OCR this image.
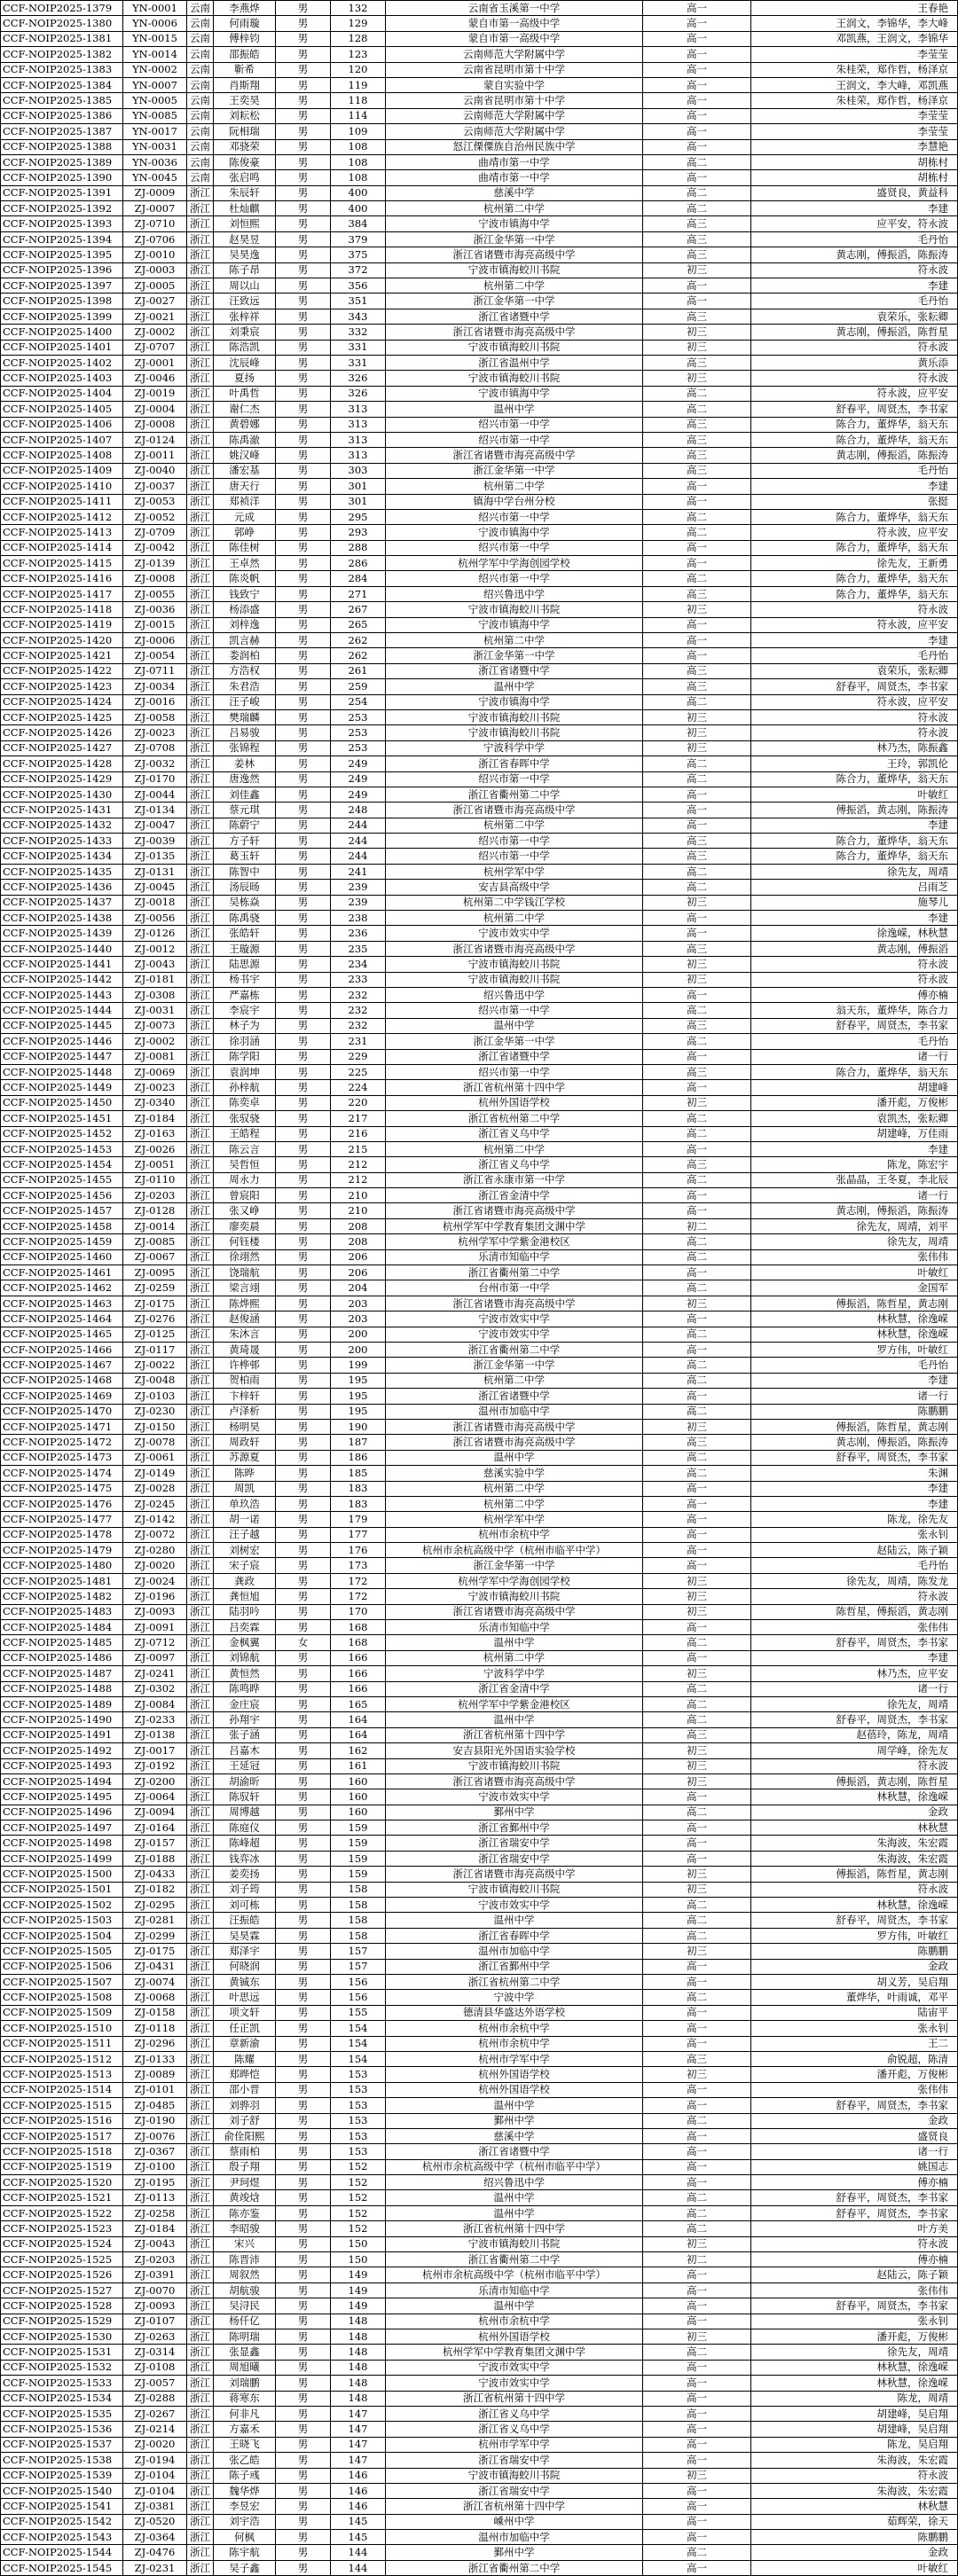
CCF-NOIP2025-1379	YN-0001	云南	李燕烨	男	132	云南省玉溪第一中学	高一	王春艳
CCF-NOIP2025-1380	YN-0006	云南	何雨璇	男	129	蒙自市第一高级中学	高一	王润文，李锦华，李大峰
CCF-NOIP2025-1381	YN-0015	云南	傅梓钧	男	128	蒙自市第一高级中学	高一	邓凯燕，王润文，李锦华
CCF-NOIP2025-1382	YN-0014	云南	邵振皓	男	123	云南师范大学附属中学	高一	李莹莹
CCF-NOIP2025-1383	YN-0002	云南	靳希	男	120	云南省昆明市第十中学	高一	朱桂荣，郑作哲，杨泽京
CCF-NOIP2025-1384	YN-0007	云南	肖斯翔	男	119	蒙自实验中学	高一	王润文，李大峰，邓凯燕
CCF-NOIP2025-1385	YN-0005	云南	王奕昊	男	118	云南省昆明市第十中学	高一	朱桂荣，郑作哲，杨泽京
CCF-NOIP2025-1386	YN-0085	云南	刘耘松	男	114	云南师范大学附属中学	高一	李莹莹
CCF-NOIP2025-1387	YN-0017	云南	阮相瑞	男	109	云南师范大学附属中学	高一	李莹莹
CCF-NOIP2025-1388	YN-0031	云南	邓骁荣	男	108	怒江傈僳族自治州民族中学	高一	李慧艳
CCF-NOIP2025-1389	YN-0036	云南	陈俊豪	男	108	曲靖市第一中学	高二	胡栋村
CCF-NOIP2025-1390	YN-0045	云南	张启鸣	男	108	曲靖市第一中学	高一	胡栋村
CCF-NOIP2025-1391	ZJ-0009	浙江	朱辰轩	男	400	慈溪中学	高二	盛贤良，黄益科
CCF-NOIP2025-1392	ZJ-0007	浙江	杜灿麒	男	400	杭州第二中学	高二	李建
CCF-NOIP2025-1393	ZJ-0710	浙江	刘恒熙	男	384	宁波市镇海中学	高三	应平安，符永波
CCF-NOIP2025-1394	ZJ-0706	浙江	赵昊昱	男	379	浙江金华第一中学	高三	毛丹怡
CCF-NOIP2025-1395	ZJ-0010	浙江	吴昊逸	男	375	浙江省诸暨市海亮高级中学	高三	黄志刚，傅振滔，陈振涛
CCF-NOIP2025-1396	ZJ-0003	浙江	陈子昂	男	372	宁波市镇海蛟川书院	初三	符永波
CCF-NOIP2025-1397	ZJ-0005	浙江	周以山	男	356	杭州第二中学	高一	李建
CCF-NOIP2025-1398	ZJ-0027	浙江	汪致远	男	351	浙江金华第一中学	高一	毛丹怡
CCF-NOIP2025-1399	ZJ-0021	浙江	张梓祥	男	343	浙江省诸暨中学	高三	袁荣乐，张耘卿
CCF-NOIP2025-1400	ZJ-0002	浙江	刘秉宸	男	332	浙江省诸暨市海亮高级中学	初三	黄志刚，傅振滔，陈哲星
CCF-NOIP2025-1401	ZJ-0707	浙江	陈浩凯	男	331	宁波市镇海蛟川书院	初三	符永波
CCF-NOIP2025-1402	ZJ-0001	浙江	沈辰峰	男	331	浙江省温州中学	高三	黄乐添
CCF-NOIP2025-1403	ZJ-0046	浙江	夏扬	男	326	宁波市镇海蛟川书院	初三	符永波
CCF-NOIP2025-1404	ZJ-0019	浙江	叶禹哲	男	326	宁波市镇海中学	高二	符永波，应平安
CCF-NOIP2025-1405	ZJ-0004	浙江	谢仁杰	男	313	温州中学	高二	舒春平，周贤杰，李书家
CCF-NOIP2025-1406	ZJ-0008	浙江	黄碧娜	男	313	绍兴市第一中学	高三	陈合力，董烨华，翁天东
CCF-NOIP2025-1407	ZJ-0124	浙江	陈禹澈	男	313	绍兴市第一中学	高三	陈合力，董烨华，翁天东
CCF-NOIP2025-1408	ZJ-0011	浙江	姚汉峰	男	313	浙江省诸暨市海亮高级中学	高三	黄志刚，傅振滔，陈振涛
CCF-NOIP2025-1409	ZJ-0040	浙江	潘宏基	男	303	浙江金华第一中学	高三	毛丹怡
CCF-NOIP2025-1410	ZJ-0037	浙江	唐天行	男	301	杭州第二中学	高一	李建
CCF-NOIP2025-1411	ZJ-0053	浙江	郑祯洋	男	301	镇海中学台州分校	高一	张挺
CCF-NOIP2025-1412	ZJ-0052	浙江	元成	男	295	绍兴市第一中学	高二	陈合力，董烨华，翁天东
CCF-NOIP2025-1413	ZJ-0709	浙江	郭峥	男	293	宁波市镇海中学	高二	符永波，应平安
CCF-NOIP2025-1414	ZJ-0042	浙江	陈佳树	男	288	绍兴市第一中学	高一	陈合力，董烨华，翁天东
CCF-NOIP2025-1415	ZJ-0139	浙江	王卓然	男	286	杭州学军中学海创园学校	高一	徐先友，王新勇
CCF-NOIP2025-1416	ZJ-0008	浙江	陈炎帆	男	284	绍兴市第一中学	高二	陈合力，董烨华，翁天东
CCF-NOIP2025-1417	ZJ-0055	浙江	钱致宁	男	271	绍兴鲁迅中学	高三	陈合力，董烨华，翁天东
CCF-NOIP2025-1418	ZJ-0036	浙江	杨添盛	男	267	宁波市镇海蛟川书院	初三	符永波
CCF-NOIP2025-1419	ZJ-0015	浙江	刘梓逸	男	265	宁波市镇海中学	高一	符永波，应平安
CCF-NOIP2025-1420	ZJ-0006	浙江	凯言赫	男	262	杭州第二中学	高一	李建
CCF-NOIP2025-1421	ZJ-0054	浙江	娄润柏	男	262	浙江金华第一中学	高一	毛丹怡
CCF-NOIP2025-1422	ZJ-0711	浙江	方浩权	男	261	浙江省诸暨中学	高三	袁荣乐，张耘卿
CCF-NOIP2025-1423	ZJ-0034	浙江	朱君浩	男	259	温州中学	高三	舒春平，周贤杰，李书家
CCF-NOIP2025-1424	ZJ-0016	浙江	汪子峻	男	254	宁波市镇海中学	高二	符永波，应平安
CCF-NOIP2025-1425	ZJ-0058	浙江	樊瑞麟	男	253	宁波市镇海蛟川书院	初三	符永波
CCF-NOIP2025-1426	ZJ-0023	浙江	吕易骏	男	253	宁波市镇海蛟川书院	初三	符永波
CCF-NOIP2025-1427	ZJ-0708	浙江	张锦程	男	253	宁波科学中学	初三	林乃杰，陈振鑫
CCF-NOIP2025-1428	ZJ-0032	浙江	姜林	男	249	浙江省春晖中学	高二	王玲，郭凯伦
CCF-NOIP2025-1429	ZJ-0170	浙江	唐逸然	男	249	绍兴市第一中学	高二	陈合力，董烨华，翁天东
CCF-NOIP2025-1430	ZJ-0044	浙江	刘佳鑫	男	249	浙江省衢州第二中学	高一	叶敏红
CCF-NOIP2025-1431	ZJ-0134	浙江	蔡元琪	男	248	浙江省诸暨市海亮高级中学	高一	傅振滔，黄志刚，陈振涛
CCF-NOIP2025-1432	ZJ-0047	浙江	陈蔚宁	男	244	杭州第二中学	高一	李建
CCF-NOIP2025-1433	ZJ-0039	浙江	方子轩	男	244	绍兴市第一中学	高三	陈合力，董烨华，翁天东
CCF-NOIP2025-1434	ZJ-0135	浙江	葛玉轩	男	244	绍兴市第一中学	高三	陈合力，董烨华，翁天东
CCF-NOIP2025-1435	ZJ-0131	浙江	陈智中	男	241	杭州学军中学	高二	徐先友，周靖
CCF-NOIP2025-1436	ZJ-0045	浙江	汤辰旸	男	239	安吉县高级中学	高二	吕雨芝
CCF-NOIP2025-1437	ZJ-0018	浙江	吴栋焱	男	239	杭州第二中学钱江学校	初三	施琴儿
CCF-NOIP2025-1438	ZJ-0056	浙江	陈禹骁	男	238	杭州第二中学	高一	李建
CCF-NOIP2025-1439	ZJ-0126	浙江	张皓轩	男	236	宁波市效实中学	高一	徐逸嵘，林秋慧
CCF-NOIP2025-1440	ZJ-0012	浙江	王璇源	男	235	浙江省诸暨市海亮高级中学	高三	黄志刚，傅振滔
CCF-NOIP2025-1441	ZJ-0043	浙江	陆思源	男	234	宁波市镇海蛟川书院	初三	符永波
CCF-NOIP2025-1442	ZJ-0181	浙江	杨书宇	男	233	宁波市镇海蛟川书院	初三	符永波
CCF-NOIP2025-1443	ZJ-0308	浙江	严嘉栋	男	232	绍兴鲁迅中学	高一	傅亦楠
CCF-NOIP2025-1444	ZJ-0031	浙江	李宸宇	男	232	绍兴市第一中学	高二	翁天东，董烨华，陈合力
CCF-NOIP2025-1445	ZJ-0073	浙江	林子为	男	232	温州中学	高三	舒春平，周贤杰，李书家
CCF-NOIP2025-1446	ZJ-0002	浙江	徐羽涵	男	231	浙江金华第一中学	高二	毛丹怡
CCF-NOIP2025-1447	ZJ-0081	浙江	陈学阳	男	229	浙江省诸暨中学	高一	诸一行
CCF-NOIP2025-1448	ZJ-0069	浙江	袁润坤	男	225	绍兴市第一中学	高三	陈合力，董烨华，翁天东
CCF-NOIP2025-1449	ZJ-0023	浙江	孙梓航	男	224	浙江省杭州第十四中学	高一	胡建峰
CCF-NOIP2025-1450	ZJ-0340	浙江	陈奕卓	男	220	杭州外国语学校	初三	潘开彪，万俊彬
CCF-NOIP2025-1451	ZJ-0184	浙江	张驭骁	男	217	浙江省杭州第二中学	高二	袁凯杰，张耘卿
CCF-NOIP2025-1452	ZJ-0163	浙江	王皓程	男	216	浙江省义乌中学	高二	胡建峰，万佳雨
CCF-NOIP2025-1453	ZJ-0026	浙江	陈云言	男	215	杭州第二中学	高一	李建
CCF-NOIP2025-1454	ZJ-0051	浙江	吴哲恒	男	212	浙江省义乌中学	高三	陈龙，陈宏宇
CCF-NOIP2025-1455	ZJ-0110	浙江	周永力	男	212	浙江省永康市第一中学	高二	张晶晶，王冬夏，李北辰
CCF-NOIP2025-1456	ZJ-0203	浙江	曾宸阳	男	210	浙江省金清中学	高一	诸一行
CCF-NOIP2025-1457	ZJ-0128	浙江	张又峥	男	210	浙江省诸暨市海亮高级中学	高一	黄志刚，傅振滔，陈振涛
CCF-NOIP2025-1458	ZJ-0014	浙江	廖奕晨	男	208	杭州学军中学教育集团文渊中学	初二	徐先友，周靖，刘平
CCF-NOIP2025-1459	ZJ-0085	浙江	何钰楼	男	208	杭州学军中学紫金港校区	高二	徐先友，周靖
CCF-NOIP2025-1460	ZJ-0067	浙江	徐翊然	男	206	乐清市知临中学	高二	张伟伟
CCF-NOIP2025-1461	ZJ-0095	浙江	饶瑞航	男	206	浙江省衢州第二中学	高一	叶敏红
CCF-NOIP2025-1462	ZJ-0259	浙江	梁言翊	男	204	台州市第一中学	高二	金国军
CCF-NOIP2025-1463	ZJ-0175	浙江	陈烨熙	男	203	浙江省诸暨市海亮高级中学	初三	傅振滔，陈哲星，黄志刚
CCF-NOIP2025-1464	ZJ-0276	浙江	赵俊涵	男	203	宁波市效实中学	高一	林秋慧，徐逸嵘
CCF-NOIP2025-1465	ZJ-0125	浙江	朱沐言	男	200	宁波市效实中学	高二	林秋慧，徐逸嵘
CCF-NOIP2025-1466	ZJ-0117	浙江	黄琦晟	男	200	浙江省衢州第二中学	高一	罗方伟，叶敏红
CCF-NOIP2025-1467	ZJ-0022	浙江	许桦邨	男	199	浙江金华第一中学	高二	毛丹怡
CCF-NOIP2025-1468	ZJ-0048	浙江	贺柏雨	男	195	杭州第二中学	高二	李建
CCF-NOIP2025-1469	ZJ-0103	浙江	卞梓轩	男	195	浙江省诸暨中学	高一	诸一行
CCF-NOIP2025-1470	ZJ-0230	浙江	卢泽析	男	195	温州市加临中学	高二	陈鹏鹏
CCF-NOIP2025-1471	ZJ-0150	浙江	杨明昊	男	190	浙江省诸暨市海亮高级中学	初三	傅振滔，陈哲星，黄志刚
CCF-NOIP2025-1472	ZJ-0078	浙江	周政轩	男	187	浙江省诸暨市海亮高级中学	高三	黄志刚，傅振滔，陈振涛
CCF-NOIP2025-1473	ZJ-0061	浙江	苏源夏	男	186	温州中学	高二	舒春平，周贤杰，李书家
CCF-NOIP2025-1474	ZJ-0149	浙江	陈晔	男	185	慈溪实验中学	高二	朱渊
CCF-NOIP2025-1475	ZJ-0028	浙江	周凯	男	183	杭州第二中学	高一	李建
CCF-NOIP2025-1476	ZJ-0245	浙江	单玖浩	男	183	杭州第二中学	高一	李建
CCF-NOIP2025-1477	ZJ-0142	浙江	胡一诺	男	179	杭州学军中学	高一	陈龙，徐先友
CCF-NOIP2025-1478	ZJ-0072	浙江	汪子越	男	177	杭州市余杭中学	高一	张永钊
CCF-NOIP2025-1479	ZJ-0280	浙江	刘树宏	男	176	杭州市余杭高级中学（杭州市临平中学）	高一	赵陆云，陈子颖
CCF-NOIP2025-1480	ZJ-0020	浙江	宋子宸	男	173	浙江金华第一中学	高一	毛丹怡
CCF-NOIP2025-1481	ZJ-0024	浙江	龚政	男	172	杭州学军中学海创园学校	初三	徐先友，周靖，陈发龙
CCF-NOIP2025-1482	ZJ-0196	浙江	龚恒旭	男	172	宁波市镇海蛟川书院	初三	符永波
CCF-NOIP2025-1483	ZJ-0093	浙江	陆羽吟	男	170	浙江省诸暨市海亮高级中学	初三	陈哲星，傅振滔，黄志刚
CCF-NOIP2025-1484	ZJ-0091	浙江	吕奕霖	男	168	乐清市知临中学	高一	张伟伟
CCF-NOIP2025-1485	ZJ-0712	浙江	金枫翼	女	168	温州中学	高二	舒春平，周贤杰，李书家
CCF-NOIP2025-1486	ZJ-0097	浙江	刘锦航	男	166	杭州第二中学	高一	李建
CCF-NOIP2025-1487	ZJ-0241	浙江	黄恒然	男	166	宁波科学中学	初三	林乃杰，应平安
CCF-NOIP2025-1488	ZJ-0302	浙江	陈鸣晔	男	166	浙江省金清中学	高二	诸一行
CCF-NOIP2025-1489	ZJ-0084	浙江	金庄宸	男	165	杭州学军中学紫金港校区	高二	徐先友，周靖
CCF-NOIP2025-1490	ZJ-0233	浙江	孙翔宇	男	164	温州中学	高二	舒春平，周贤杰，李书家
CCF-NOIP2025-1491	ZJ-0138	浙江	张子涵	男	164	浙江省杭州第十四中学	高三	赵蓓玲，陈龙，周靖
CCF-NOIP2025-1492	ZJ-0017	浙江	吕嘉木	男	162	安吉县阳光外国语实验学校	初三	周学峰，徐先友
CCF-NOIP2025-1493	ZJ-0192	浙江	王延冠	男	161	宁波市镇海蛟川书院	初三	符永波
CCF-NOIP2025-1494	ZJ-0200	浙江	胡渝昕	男	160	浙江省诸暨市海亮高级中学	初三	傅振滔，黄志刚，陈哲星
CCF-NOIP2025-1495	ZJ-0064	浙江	陈驭轩	男	160	宁波市效实中学	高一	林秋慧，徐逸嵘
CCF-NOIP2025-1496	ZJ-0094	浙江	周博越	男	160	鄞州中学	高二	金政
CCF-NOIP2025-1497	ZJ-0164	浙江	陈庭仪	男	159	浙江省鄞州中学	高一	林秋慧
CCF-NOIP2025-1498	ZJ-0157	浙江	陈峰超	男	159	浙江省瑞安中学	高一	朱海波，朱宏霞
CCF-NOIP2025-1499	ZJ-0188	浙江	钱弈冰	男	159	浙江省瑞安中学	高一	朱海波，朱宏霞
CCF-NOIP2025-1500	ZJ-0433	浙江	姜奕扬	男	159	浙江省诸暨市海亮高级中学	初三	傅振滔，陈哲星，黄志刚
CCF-NOIP2025-1501	ZJ-0182	浙江	刘子筠	男	158	宁波市镇海蛟川书院	初三	符永波
CCF-NOIP2025-1502	ZJ-0295	浙江	刘可栋	男	158	宁波市效实中学	高二	林秋慧，徐逸嵘
CCF-NOIP2025-1503	ZJ-0281	浙江	汪振皓	男	158	温州中学	高二	舒春平，周贤杰，李书家
CCF-NOIP2025-1504	ZJ-0299	浙江	吴昊霖	男	158	浙江省春晖中学	高二	罗方伟，叶敏红
CCF-NOIP2025-1505	ZJ-0175	浙江	郑泽宇	男	157	温州市加临中学	初三	陈鹏鹏
CCF-NOIP2025-1506	ZJ-0431	浙江	何晓润	男	157	浙江省鄞州中学	高一	金政
CCF-NOIP2025-1507	ZJ-0074	浙江	黄铖东	男	156	浙江省杭州第二中学	高一	胡义芳，吴启翔
CCF-NOIP2025-1508	ZJ-0068	浙江	叶思远	男	156	宁波中学	高二	董烨华，叶雨诚，邓平
CCF-NOIP2025-1509	ZJ-0158	浙江	项文轩	男	155	德清县华盛达外语学校	高一	陆宙平
CCF-NOIP2025-1510	ZJ-0118	浙江	任正凯	男	154	杭州市余杭中学	高一	张永钊
CCF-NOIP2025-1511	ZJ-0296	浙江	章新渝	男	154	杭州市余杭中学	高一	王二
CCF-NOIP2025-1512	ZJ-0133	浙江	陈耀	男	154	杭州市学军中学	高三	俞锐超，陈清
CCF-NOIP2025-1513	ZJ-0089	浙江	郑晔恺	男	153	杭州外国语学校	初三	潘开彪，万俊彬
CCF-NOIP2025-1514	ZJ-0101	浙江	邵小晋	男	153	杭州外国语学校	高一	张伟伟
CCF-NOIP2025-1515	ZJ-0485	浙江	刘骅羽	男	153	温州中学	高一	舒春平，周贤杰，李书家
CCF-NOIP2025-1516	ZJ-0190	浙江	刘子舒	男	153	鄞州中学	高二	金政
CCF-NOIP2025-1517	ZJ-0076	浙江	俞佺阳熙	男	153	慈溪中学	高一	盛贤良
CCF-NOIP2025-1518	ZJ-0367	浙江	蔡雨柏	男	153	浙江省诸暨中学	高一	诸一行
CCF-NOIP2025-1519	ZJ-0100	浙江	殷子翔	男	152	杭州市余杭高级中学（杭州市临平中学）	高一	姚国志
CCF-NOIP2025-1520	ZJ-0195	浙江	尹珂煜	男	152	绍兴鲁迅中学	高一	傅亦楠
CCF-NOIP2025-1521	ZJ-0113	浙江	黄竣焓	男	152	温州中学	高二	舒春平，周贤杰，李书家
CCF-NOIP2025-1522	ZJ-0258	浙江	陈亦鉴	男	152	温州中学	高二	舒春平，周贤杰，李书家
CCF-NOIP2025-1523	ZJ-0184	浙江	李昭骏	男	152	浙江省杭州第十四中学	高二	叶方美
CCF-NOIP2025-1524	ZJ-0043	浙江	宋兴	男	150	宁波市镇海蛟川书院	初三	符永波
CCF-NOIP2025-1525	ZJ-0203	浙江	陈晋沛	男	150	浙江省衢州第二中学	初二	傅亦楠
CCF-NOIP2025-1526	ZJ-0391	浙江	周叙然	男	149	杭州市余杭高级中学（杭州市临平中学）	高一	赵陆云，陈子颖
CCF-NOIP2025-1527	ZJ-0070	浙江	胡航骏	男	149	乐清市知临中学	高一	张伟伟
CCF-NOIP2025-1528	ZJ-0093	浙江	吴浔民	男	149	温州中学	高一	舒春平，周贤杰，李书家
CCF-NOIP2025-1529	ZJ-0107	浙江	杨仟亿	男	148	杭州市余杭中学	高一	张永钊
CCF-NOIP2025-1530	ZJ-0263	浙江	陈明瑞	男	148	杭州外国语学校	初三	潘开彪，万俊彬
CCF-NOIP2025-1531	ZJ-0314	浙江	张显鑫	男	148	杭州学军中学教育集团文渊中学	高二	徐先友，周靖
CCF-NOIP2025-1532	ZJ-0108	浙江	周旭曦	男	148	宁波市效实中学	高一	林秋慧，徐逸嵘
CCF-NOIP2025-1533	ZJ-0057	浙江	刘瑞鹏	男	148	宁波市效实中学	高一	林秋慧，徐逸嵘
CCF-NOIP2025-1534	ZJ-0288	浙江	蒋寒东	男	148	浙江省杭州第十四中学	高一	陈龙，周靖
CCF-NOIP2025-1535	ZJ-0267	浙江	何非凡	男	147	浙江省义乌中学	高一	胡建峰，吴启翔
CCF-NOIP2025-1536	ZJ-0214	浙江	方嘉禾	男	147	浙江省义乌中学	高一	胡建峰，吴启翔
CCF-NOIP2025-1537	ZJ-0020	浙江	王晓飞	男	147	杭州市学军中学	高一	陈龙，吴启翔
CCF-NOIP2025-1538	ZJ-0194	浙江	张乙皓	男	147	浙江省瑞安中学	高一	朱海波，朱宏霞
CCF-NOIP2025-1539	ZJ-0104	浙江	陈子彧	男	146	宁波市镇海蛟川书院	初三	符永波
CCF-NOIP2025-1540	ZJ-0104	浙江	魏华烨	男	146	浙江省瑞安中学	高一	朱海波，朱宏霞
CCF-NOIP2025-1541	ZJ-0381	浙江	李昱宏	男	146	浙江省杭州第十四中学	高一	林秋慧
CCF-NOIP2025-1542	ZJ-0520	浙江	刘宇浩	男	145	嵊州中学	高一	茹辉荣，徐天
CCF-NOIP2025-1543	ZJ-0364	浙江	何枫	男	145	温州市加临中学	高一	陈鹏鹏
CCF-NOIP2025-1544	ZJ-0476	浙江	陈宇航	男	144	鄞州中学	高二	金政
CCF-NOIP2025-1545	ZJ-0231	浙江	吴子鑫	男	144	浙江省衢州第二中学	高一	叶敏红
